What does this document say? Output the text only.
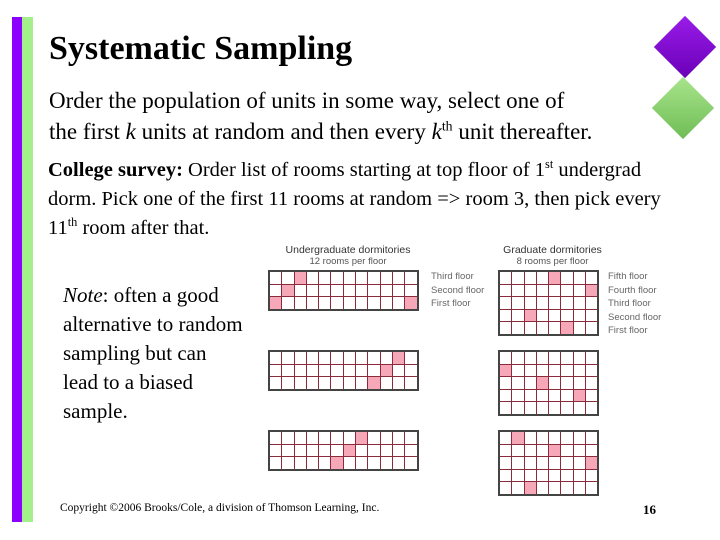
Systematic Sampling
Order the population of units in some way, select one of
the first k units at random and then every $k^{th}$ unit thereafter.
College survey: Order list of rooms starting at top floor of 1st undergrad dorm. Pick one of the first 11 rooms at random => room 3, then pick every 11th room after that.
Note: often a good alternative to random sampling but can lead to a biased sample.
Undergraduate dormitories
12 rooms per floor
Graduate dormitories
8 rooms per floor
Third floor
Second floor
First floor
Fifth floor
Fourth floor
Third floor
Second floor
First floor

Copyright ©2006 Brooks/Cole, a division of Thomson Learning, Inc.	16
